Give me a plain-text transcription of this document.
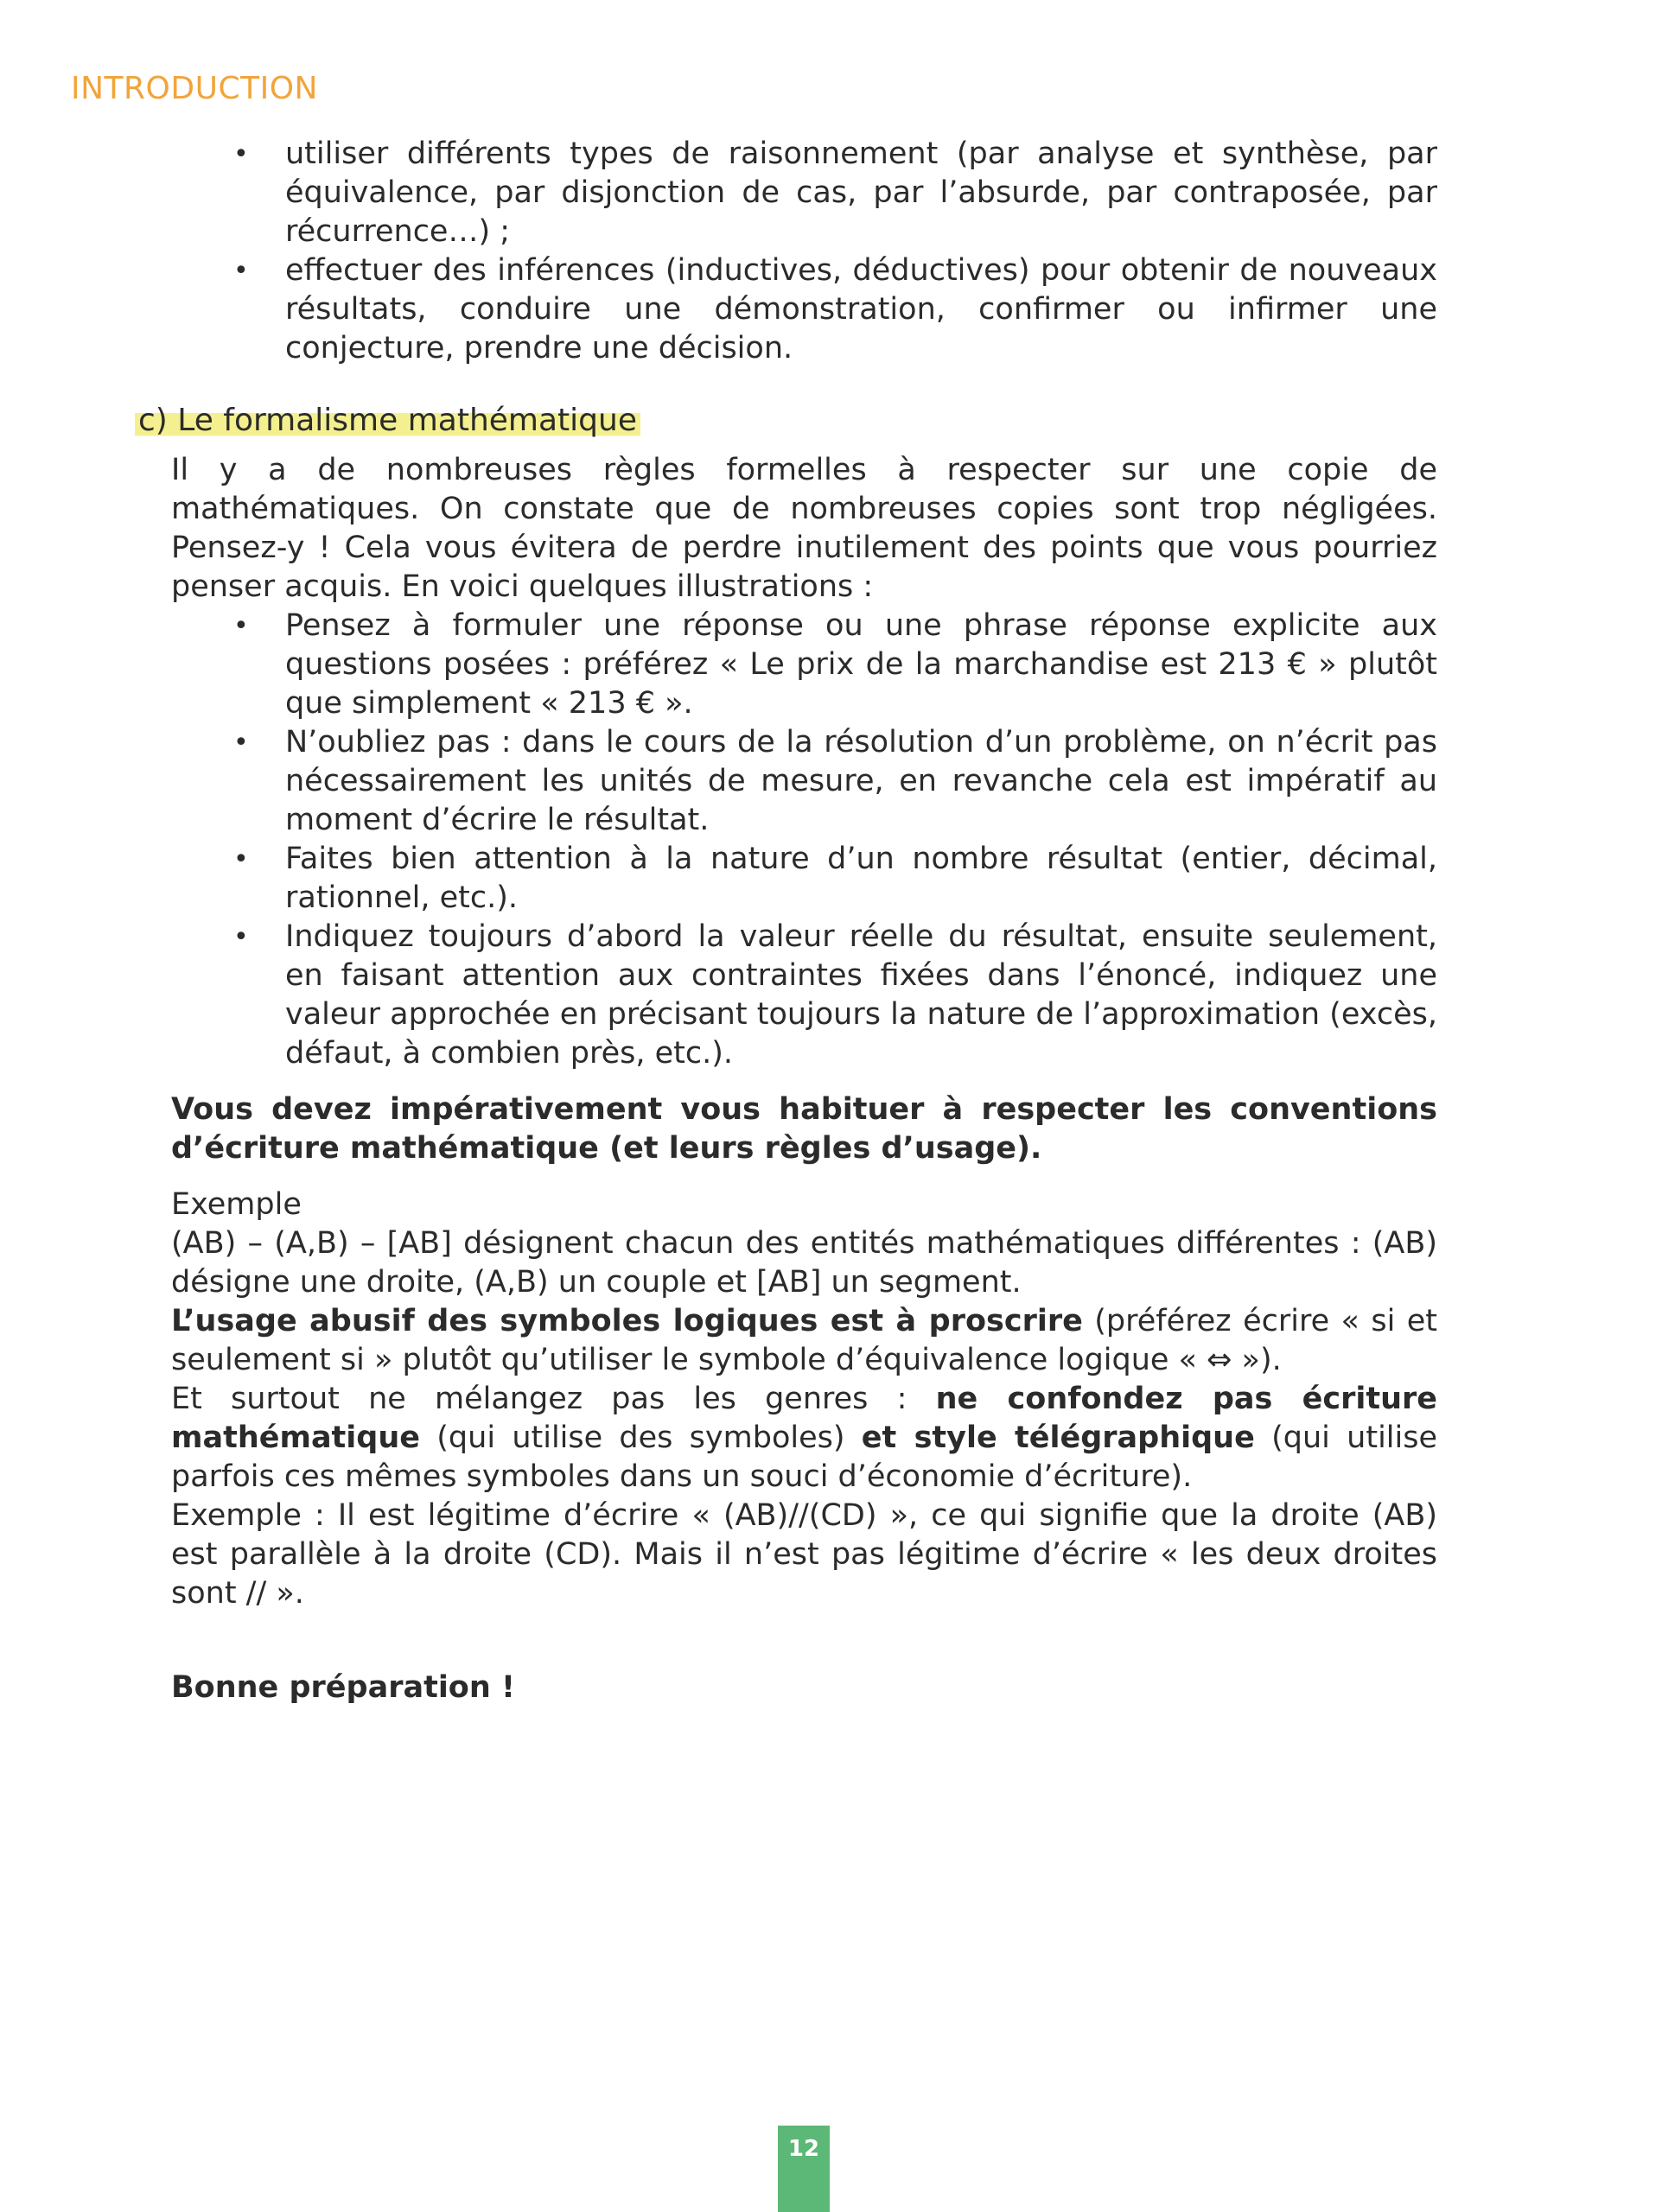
INTRODUCTION
• utiliser différents types de raisonnement (par analyse et synthèse, par équivalence, par disjonction de cas, par l’absurde, par contraposée, par récurrence…) ;
• effectuer des inférences (inductives, déductives) pour obtenir de nouveaux résultats, conduire une démonstration, confirmer ou infirmer une conjecture, prendre une décision.
c) Le formalisme mathématique

Il y a de nombreuses règles formelles à respecter sur une copie de mathématiques. On constate que de nombreuses copies sont trop négligées. Pensez-y ! Cela vous évitera de perdre inutilement des points que vous pourriez penser acquis. En voici quelques illustrations :

• Pensez à formuler une réponse ou une phrase réponse explicite aux questions posées : préférez « Le prix de la marchandise est 213 € » plutôt que simplement « 213 € ».
• N’oubliez pas : dans le cours de la résolution d’un problème, on n’écrit pas nécessairement les unités de mesure, en revanche cela est impératif au moment d’écrire le résultat.
• Faites bien attention à la nature d’un nombre résultat (entier, décimal, rationnel, etc.).
• Indiquez toujours d’abord la valeur réelle du résultat, ensuite seulement, en faisant attention aux contraintes fixées dans l’énoncé, indiquez une valeur approchée en précisant toujours la nature de l’approximation (excès, défaut, à combien près, etc.).

Vous devez impérativement vous habituer à respecter les conventions d’écriture mathématique (et leurs règles d’usage).

Exemple

(AB) – (A,B) – [AB] désignent chacun des entités mathématiques différentes : (AB) désigne une droite, (A,B) un couple et [AB] un segment.

L’usage abusif des symboles logiques est à proscrire (préférez écrire « si et seulement si » plutôt qu’utiliser le symbole d’équivalence logique « ⇔ »).

Et surtout ne mélangez pas les genres : ne confondez pas écriture mathématique (qui utilise des symboles) et style télégraphique (qui utilise parfois ces mêmes symboles dans un souci d’économie d’écriture).

Exemple : Il est légitime d’écrire « (AB)//(CD) », ce qui signifie que la droite (AB) est parallèle à la droite (CD). Mais il n’est pas légitime d’écrire « les deux droites sont // ».

Bonne préparation !

12
